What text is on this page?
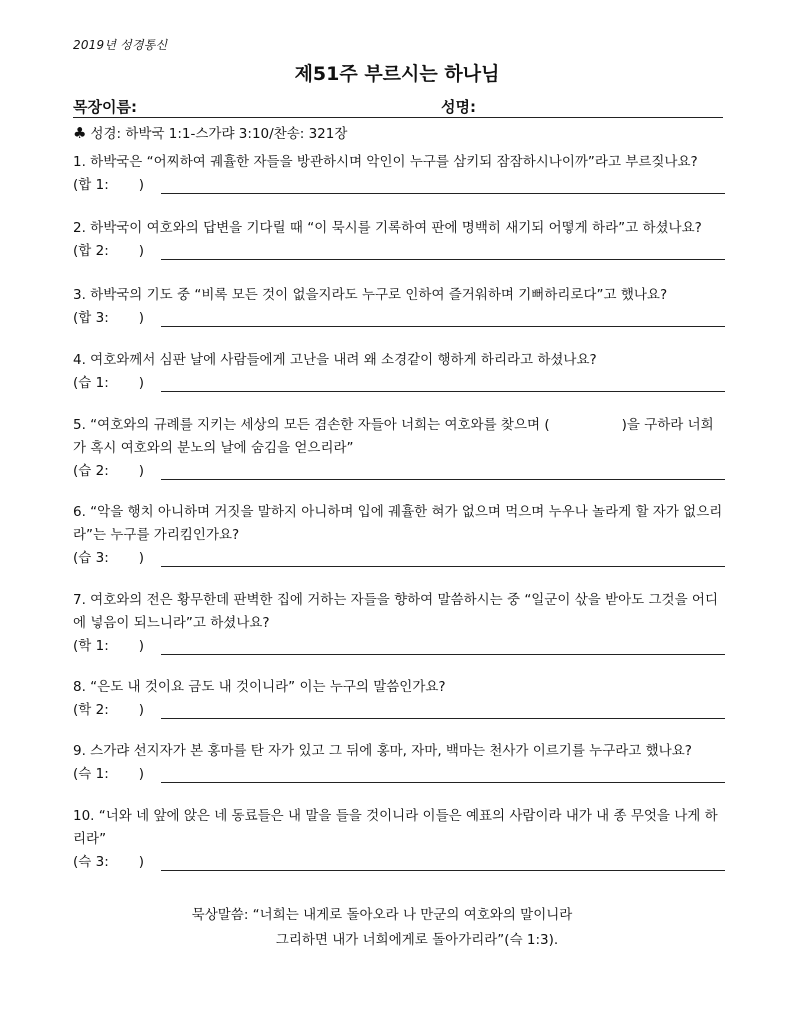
2019년 성경통신
제51주 부르시는 하나님
목장이름:	성명:
♣ 성경: 하박국 1:1-스가랴 3:10/찬송: 321장
1. 하박국은 “어찌하여 궤휼한 자들을 방관하시며 악인이 누구를 삼키되 잠잠하시나이까”라고 부르짖나요?
(합 1:       )
2. 하박국이 여호와의 답변을 기다릴 때 “이 묵시를 기록하여 판에 명백히 새기되 어떻게 하라”고 하셨나요?
(합 2:       )
3. 하박국의 기도 중 “비록 모든 것이 없을지라도 누구로 인하여 즐거워하며 기뻐하리로다”고 했나요?
(합 3:       )
4. 여호와께서 심판 날에 사람들에게 고난을 내려 왜 소경같이 행하게 하리라고 하셨나요?
(습 1:       )
5. “여호와의 규례를 지키는 세상의 모든 겸손한 자들아 너희는 여호와를 찾으며 (	)을 구하라 너희가 혹시 여호와의 분노의 날에 숨김을 얻으리라”
(습 2:       )
6. “악을 행치 아니하며 거짓을 말하지 아니하며 입에 궤휼한 혀가 없으며 먹으며 누우나 놀라게 할 자가 없으리라”는 누구를 가리킴인가요?
(습 3:       )
7. 여호와의 전은 황무한데 판벽한 집에 거하는 자들을 향하여 말씀하시는 중 “일군이 삯을 받아도 그것을 어디에 넣음이 되느니라”고 하셨나요?
(학 1:       )
8. “은도 내 것이요 금도 내 것이니라” 이는 누구의 말씀인가요?
(학 2:       )
9. 스가랴 선지자가 본 홍마를 탄 자가 있고 그 뒤에 홍마, 자마, 백마는 천사가 이르기를 누구라고 했나요?
(슥 1:       )
10. “너와 네 앞에 앉은 네 동료들은 내 말을 들을 것이니라 이들은 예표의 사람이라 내가 내 종 무엇을 나게 하리라”
(슥 3:       )
묵상말씀: “너희는 내게로 돌아오라 나 만군의 여호와의 말이니라
그리하면 내가 너희에게로 돌아가리라”(슥 1:3).
